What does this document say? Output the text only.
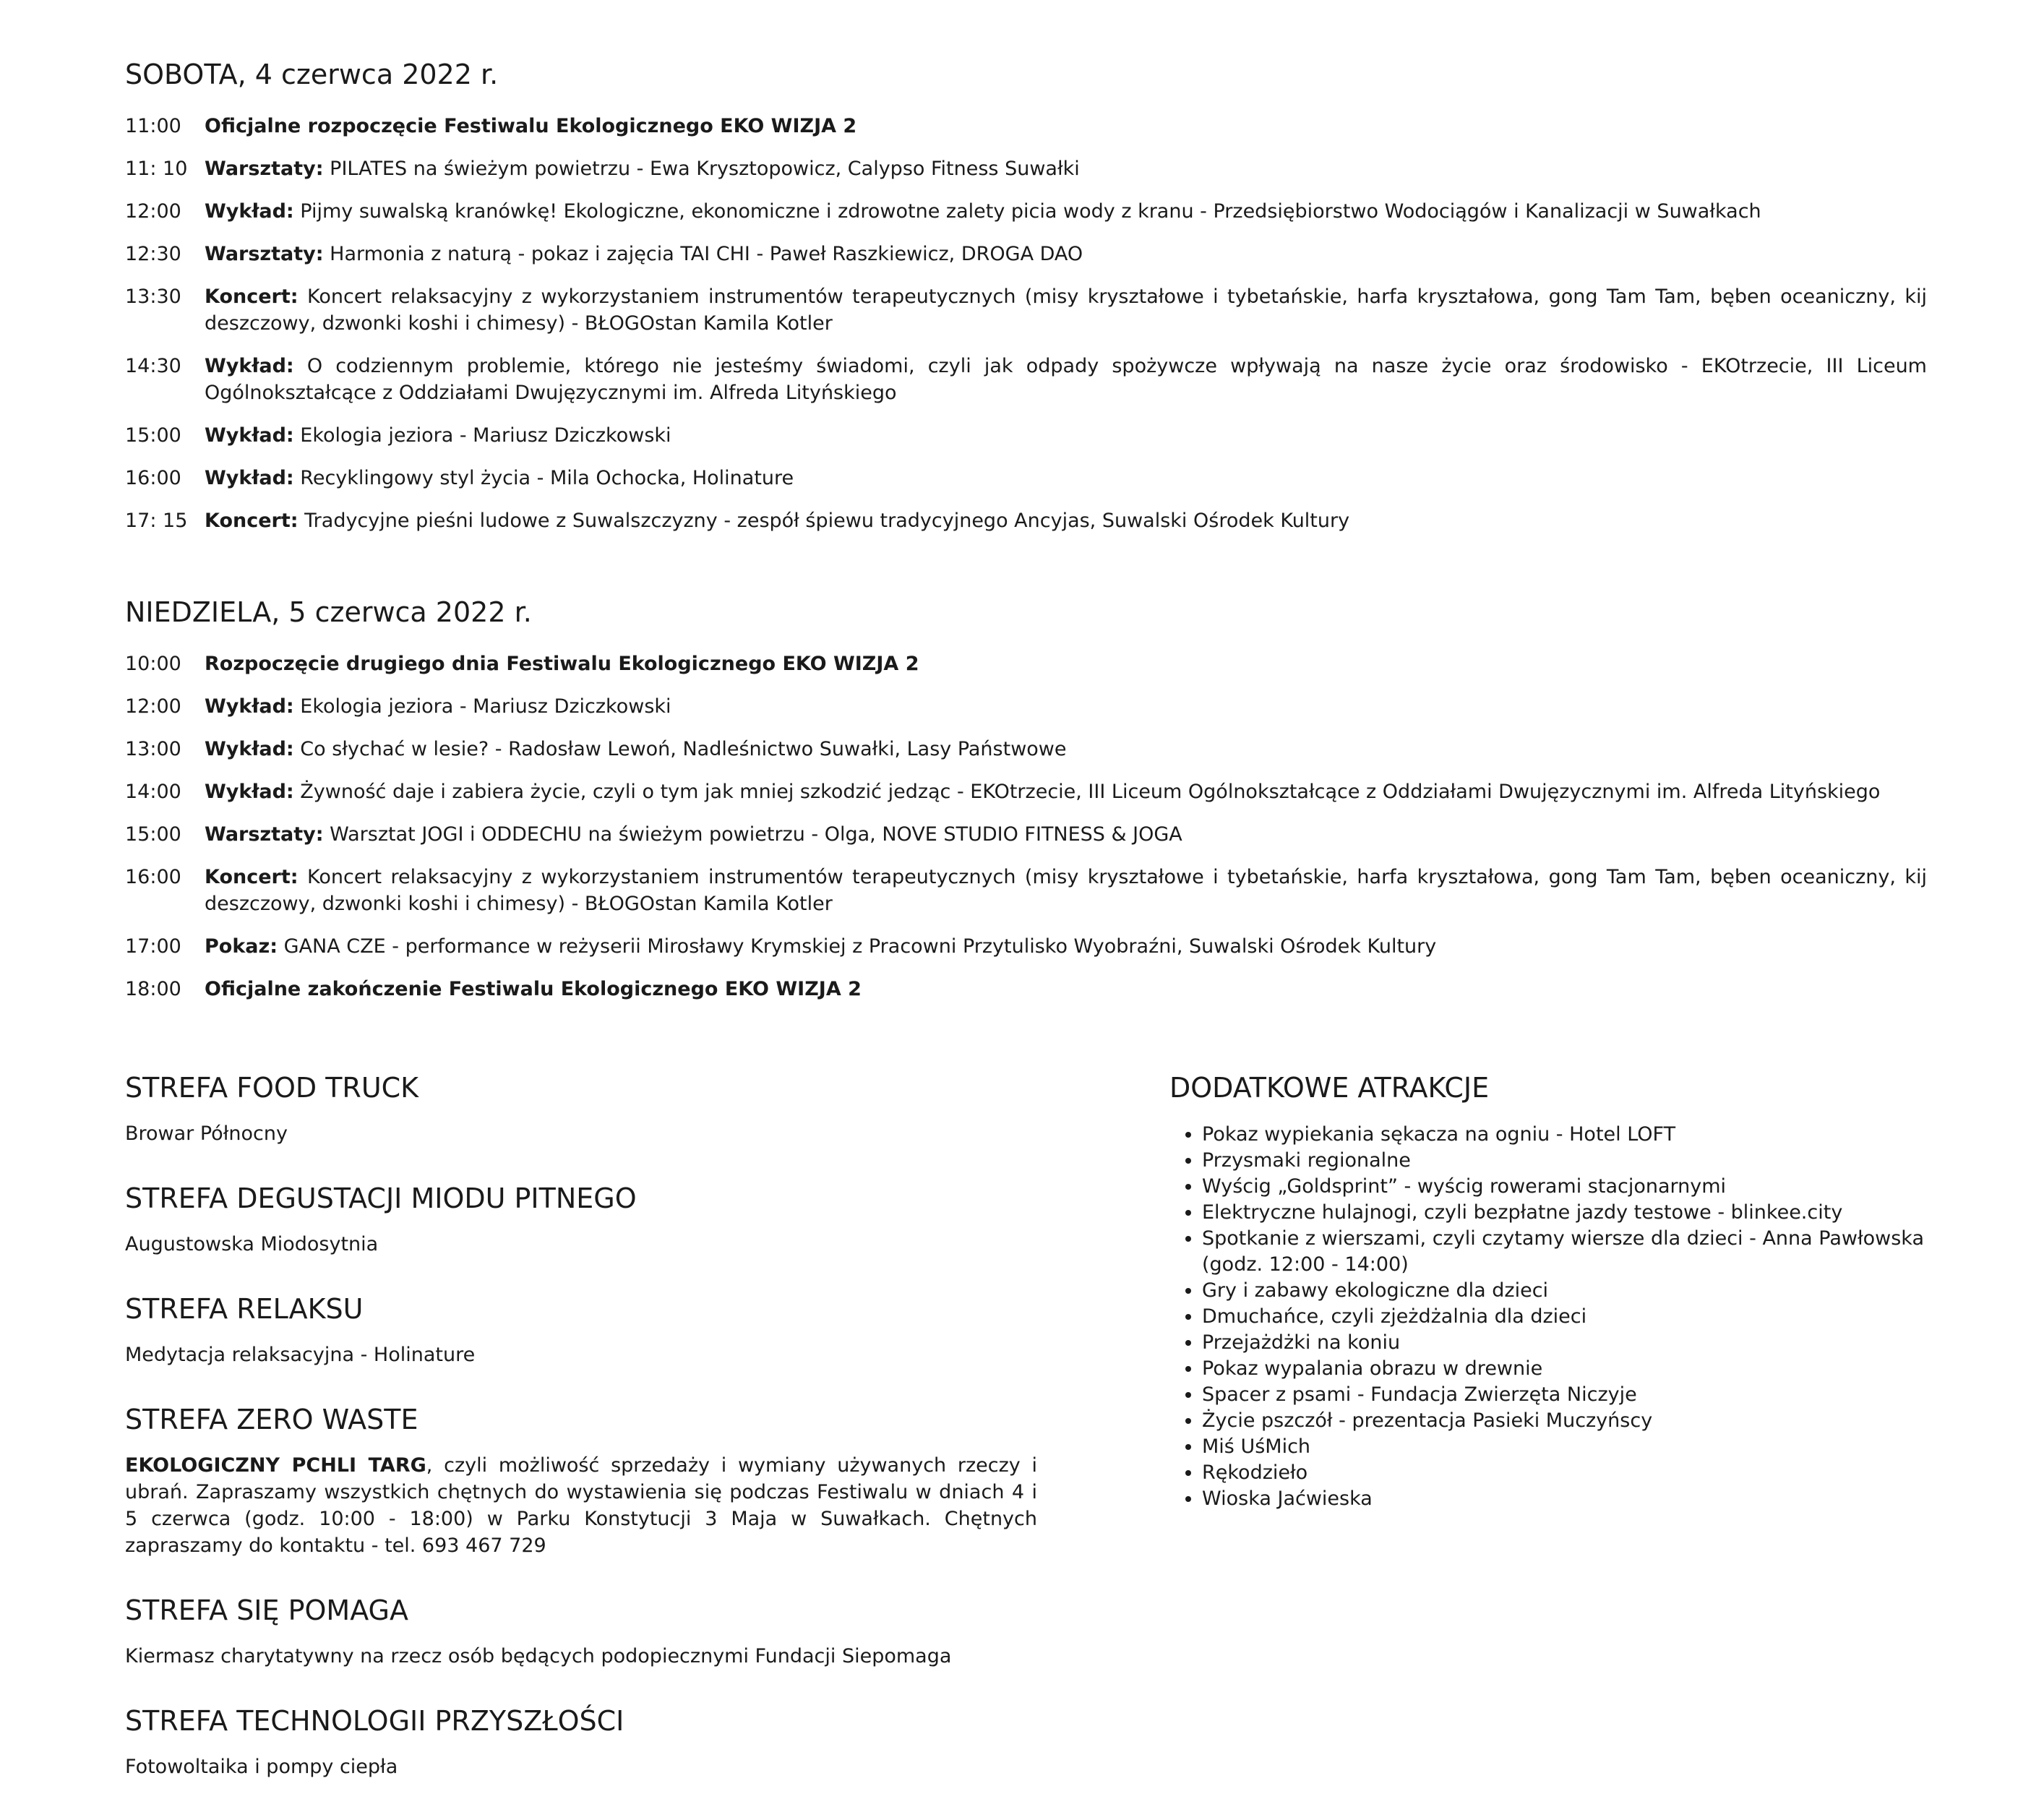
SOBOTA, 4 czerwca 2022 r.
11:00	Oficjalne rozpoczęcie Festiwalu Ekologicznego EKO WIZJA 2
11: 10 Warsztaty: PILATES na świeżym powietrzu - Ewa Krysztopowicz, Calypso Fitness Suwałki
12:00	Wykład: Pijmy suwalską kranówkę! Ekologiczne, ekonomiczne i zdrowotne zalety picia wody z kranu - Przedsiębiorstwo Wodociągów i Kanalizacji w Suwałkach
12:30	Warsztaty: Harmonia z naturą - pokaz i zajęcia TAI CHI - Paweł Raszkiewicz, DROGA DAO
13:30	Koncert: Koncert relaksacyjny z wykorzystaniem instrumentów terapeutycznych (misy kryształowe i tybetańskie, harfa kryształowa, gong Tam Tam, bęben oceaniczny, kij deszczowy, dzwonki koshi i chimesy) - BŁOGOstan Kamila Kotler
14:30	Wykład: O codziennym problemie, którego nie jesteśmy świadomi, czyli jak odpady spożywcze wpływają na nasze życie oraz środowisko - EKOtrzecie, III Liceum Ogólnokształcące z Oddziałami Dwujęzycznymi im. Alfreda Lityńskiego
15:00	Wykład: Ekologia jeziora - Mariusz Dziczkowski
16:00	Wykład: Recyklingowy styl życia - Mila Ochocka, Holinature
17: 15 Koncert: Tradycyjne pieśni ludowe z Suwalszczyzny - zespół śpiewu tradycyjnego Ancyjas, Suwalski Ośrodek Kultury
NIEDZIELA, 5 czerwca 2022 r.
10:00	Rozpoczęcie drugiego dnia Festiwalu Ekologicznego EKO WIZJA 2
12:00	Wykład: Ekologia jeziora - Mariusz Dziczkowski
13:00	Wykład: Co słychać w lesie? - Radosław Lewoń, Nadleśnictwo Suwałki, Lasy Państwowe
14:00	Wykład: Żywność daje i zabiera życie, czyli o tym jak mniej szkodzić jedząc - EKOtrzecie, III Liceum Ogólnokształcące z Oddziałami Dwujęzycznymi im. Alfreda Lityńskiego
15:00	Warsztaty: Warsztat JOGI i ODDECHU na świeżym powietrzu - Olga, NOVE STUDIO FITNESS & JOGA
16:00	Koncert: Koncert relaksacyjny z wykorzystaniem instrumentów terapeutycznych (misy kryształowe i tybetańskie, harfa kryształowa, gong Tam Tam, bęben oceaniczny, kij deszczowy, dzwonki koshi i chimesy) - BŁOGOstan Kamila Kotler
17:00	Pokaz: GANA CZE - performance w reżyserii Mirosławy Krymskiej z Pracowni Przytulisko Wyobraźni, Suwalski Ośrodek Kultury
18:00	Oficjalne zakończenie Festiwalu Ekologicznego EKO WIZJA 2
STREFA FOOD TRUCK

Browar Północny

STREFA DEGUSTACJI MIODU PITNEGO

Augustowska Miodosytnia

STREFA RELAKSU

Medytacja relaksacyjna - Holinature

STREFA ZERO WASTE

EKOLOGICZNY PCHLI TARG, czyli możliwość sprzedaży i wymiany używanych rzeczy i ubrań. Zapraszamy wszystkich chętnych do wystawienia się podczas Festiwalu w dniach 4 i 5 czerwca (godz. 10:00 - 18:00) w Parku Konstytucji 3 Maja w Suwałkach. Chętnych zapraszamy do kontaktu - tel. 693 467 729

STREFA SIĘ POMAGA

Kiermasz charytatywny na rzecz osób będących podopiecznymi Fundacji Siepomaga

STREFA TECHNOLOGII PRZYSZŁOŚCI

Fotowoltaika i pompy ciepła

DODATKOWE ATRAKCJE
• Pokaz wypiekania sękacza na ogniu - Hotel LOFT
• Przysmaki regionalne
• Wyścig „Goldsprint” - wyścig rowerami stacjonarnymi
• Elektryczne hulajnogi, czyli bezpłatne jazdy testowe - blinkee.city
• Spotkanie z wierszami, czyli czytamy wiersze dla dzieci - Anna Pawłowska (godz. 12:00 - 14:00)
• Gry i zabawy ekologiczne dla dzieci
• Dmuchańce, czyli zjeżdżalnia dla dzieci
• Przejażdżki na koniu
• Pokaz wypalania obrazu w drewnie
• Spacer z psami - Fundacja Zwierzęta Niczyje
• Życie pszczół - prezentacja Pasieki Muczyńscy
• Miś UśMich
• Rękodzieło
• Wioska Jaćwieska
